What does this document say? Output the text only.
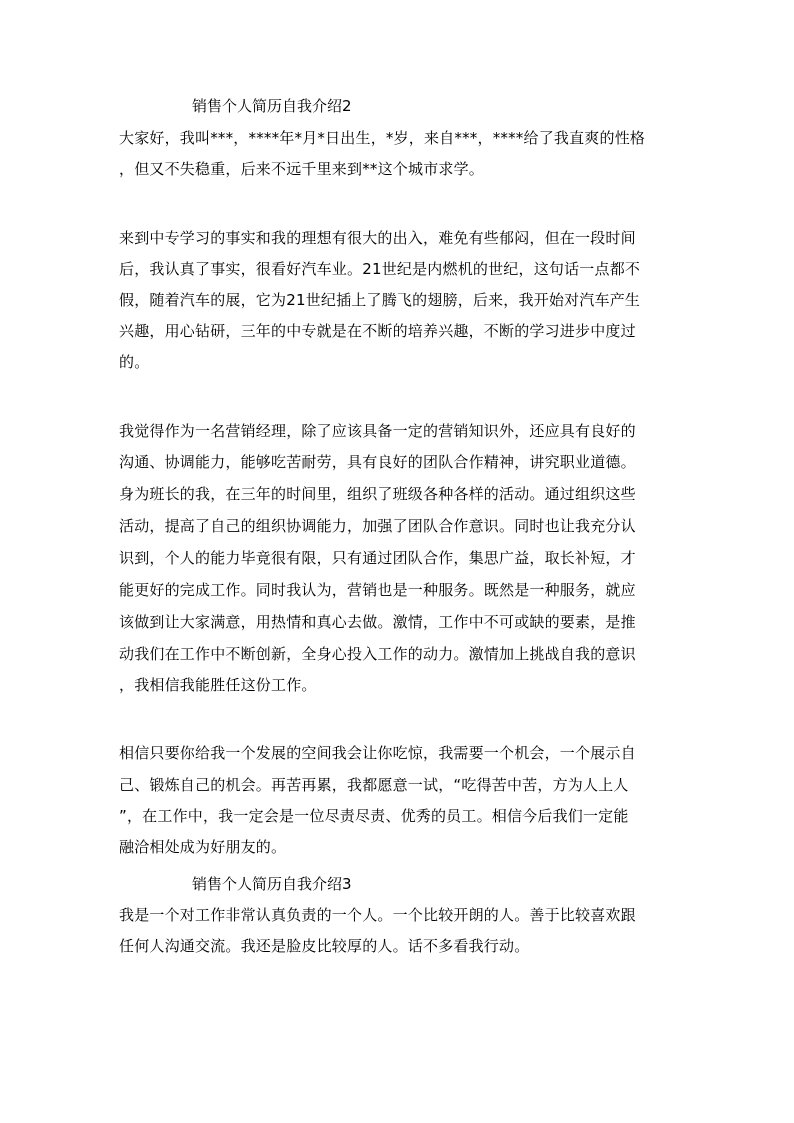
销售个人简历自我介绍2
大家好，我叫***，****年*月*日出生，*岁，来自***，****给了我直爽的性格
，但又不失稳重，后来不远千里来到**这个城市求学。
来到中专学习的事实和我的理想有很大的出入，难免有些郁闷，但在一段时间
后，我认真了事实，很看好汽车业。21世纪是内燃机的世纪，这句话一点都不
假，随着汽车的展，它为21世纪插上了腾飞的翅膀，后来，我开始对汽车产生
兴趣，用心钻研，三年的中专就是在不断的培养兴趣，不断的学习进步中度过
的。
我觉得作为一名营销经理，除了应该具备一定的营销知识外，还应具有良好的
沟通、协调能力，能够吃苦耐劳，具有良好的团队合作精神，讲究职业道德。
身为班长的我，在三年的时间里，组织了班级各种各样的活动。通过组织这些
活动，提高了自己的组织协调能力，加强了团队合作意识。同时也让我充分认
识到，个人的能力毕竟很有限，只有通过团队合作，集思广益，取长补短，才
能更好的完成工作。同时我认为，营销也是一种服务。既然是一种服务，就应
该做到让大家满意，用热情和真心去做。激情，工作中不可或缺的要素，是推
动我们在工作中不断创新，全身心投入工作的动力。激情加上挑战自我的意识
，我相信我能胜任这份工作。
相信只要你给我一个发展的空间我会让你吃惊，我需要一个机会，一个展示自
己、锻炼自己的机会。再苦再累，我都愿意一试，“吃得苦中苦，方为人上人
”，在工作中，我一定会是一位尽责尽责、优秀的员工。相信今后我们一定能
融洽相处成为好朋友的。
销售个人简历自我介绍3
我是一个对工作非常认真负责的一个人。一个比较开朗的人。善于比较喜欢跟
任何人沟通交流。我还是脸皮比较厚的人。话不多看我行动。
